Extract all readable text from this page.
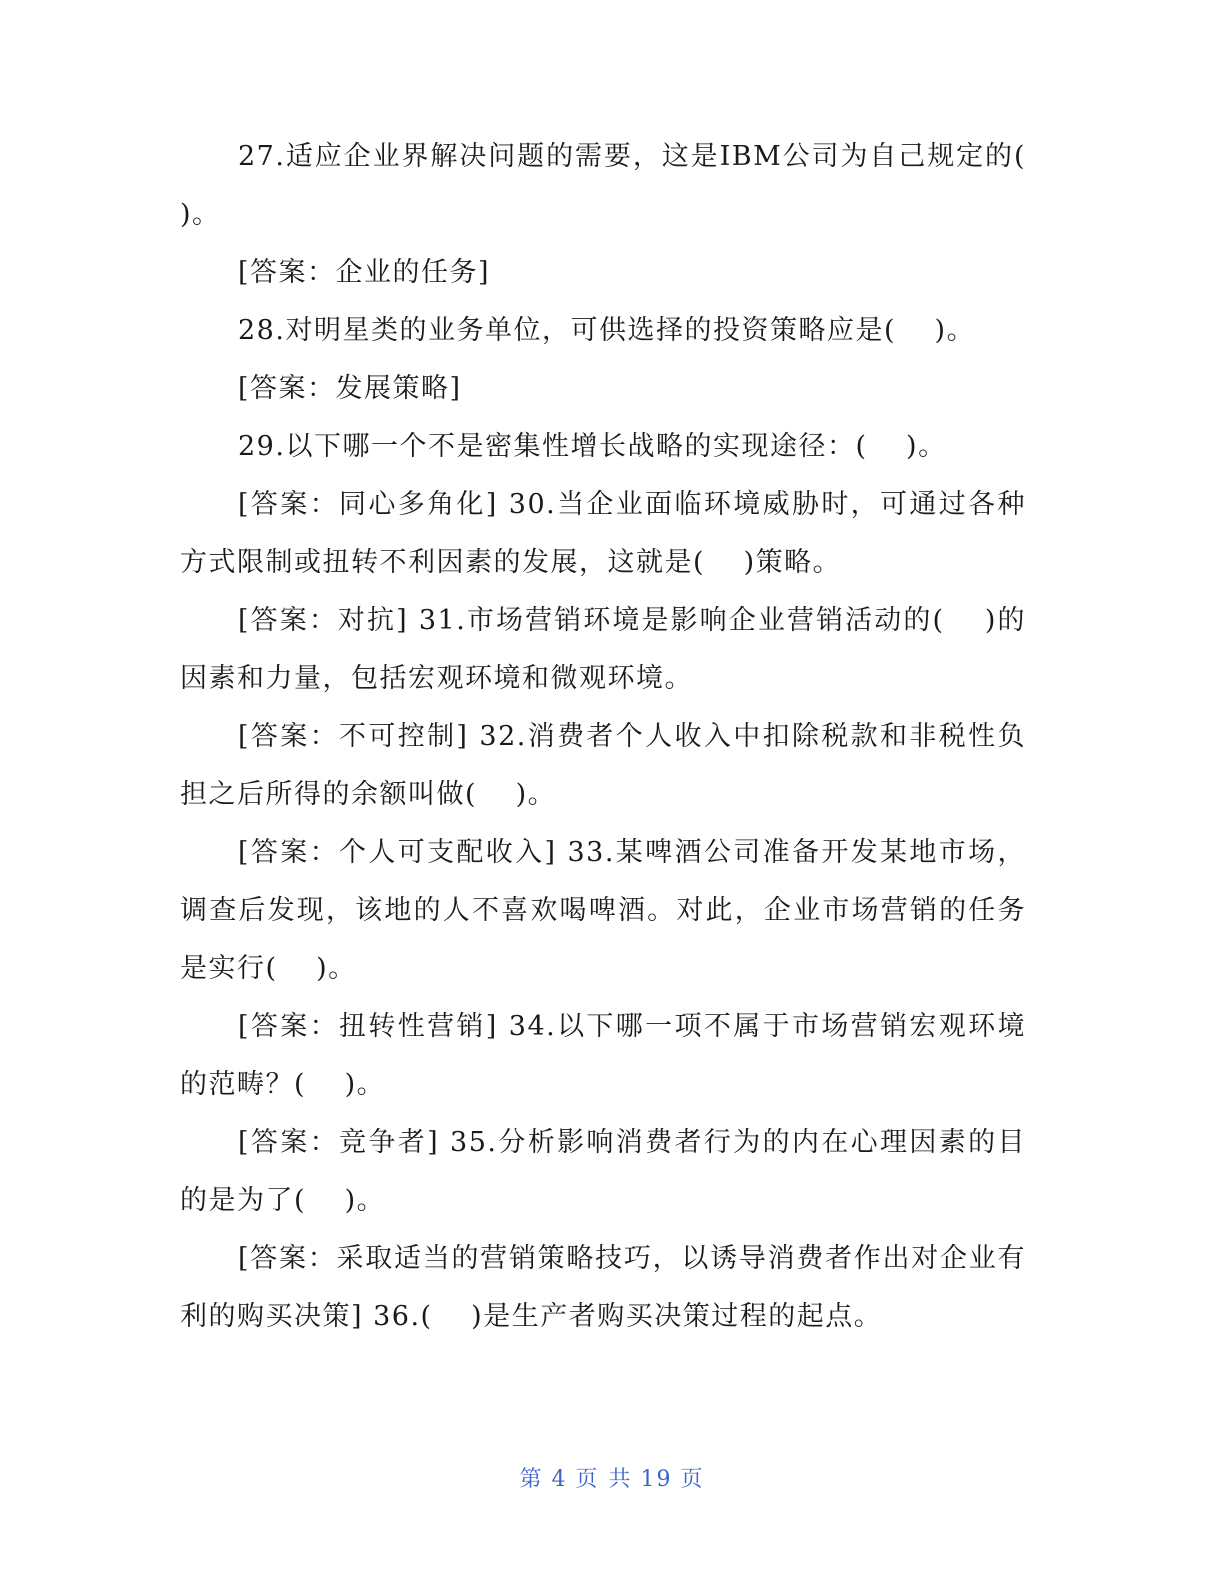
27.适应企业界解决问题的需要，这是IBM公司为自己规定的(　 )。

[答案：企业的任务]

28.对明星类的业务单位，可供选择的投资策略应是(　 )。

[答案：发展策略]

29.以下哪一个不是密集性增长战略的实现途径：(　 )。

[答案：同心多角化] 30.当企业面临环境威胁时，可通过各种方式限制或扭转不利因素的发展，这就是(　 )策略。

[答案：对抗] 31.市场营销环境是影响企业营销活动的(　 )的因素和力量，包括宏观环境和微观环境。

[答案：不可控制] 32.消费者个人收入中扣除税款和非税性负担之后所得的余额叫做(　 )。

[答案：个人可支配收入] 33.某啤酒公司准备开发某地市场，调查后发现，该地的人不喜欢喝啤酒。对此，企业市场营销的任务是实行(　 )。

[答案：扭转性营销] 34.以下哪一项不属于市场营销宏观环境的范畴？(　 )。

[答案：竞争者] 35.分析影响消费者行为的内在心理因素的目的是为了(　 )。

[答案：采取适当的营销策略技巧，以诱导消费者作出对企业有利的购买决策] 36.(　 )是生产者购买决策过程的起点。

第 4 页 共 19 页
